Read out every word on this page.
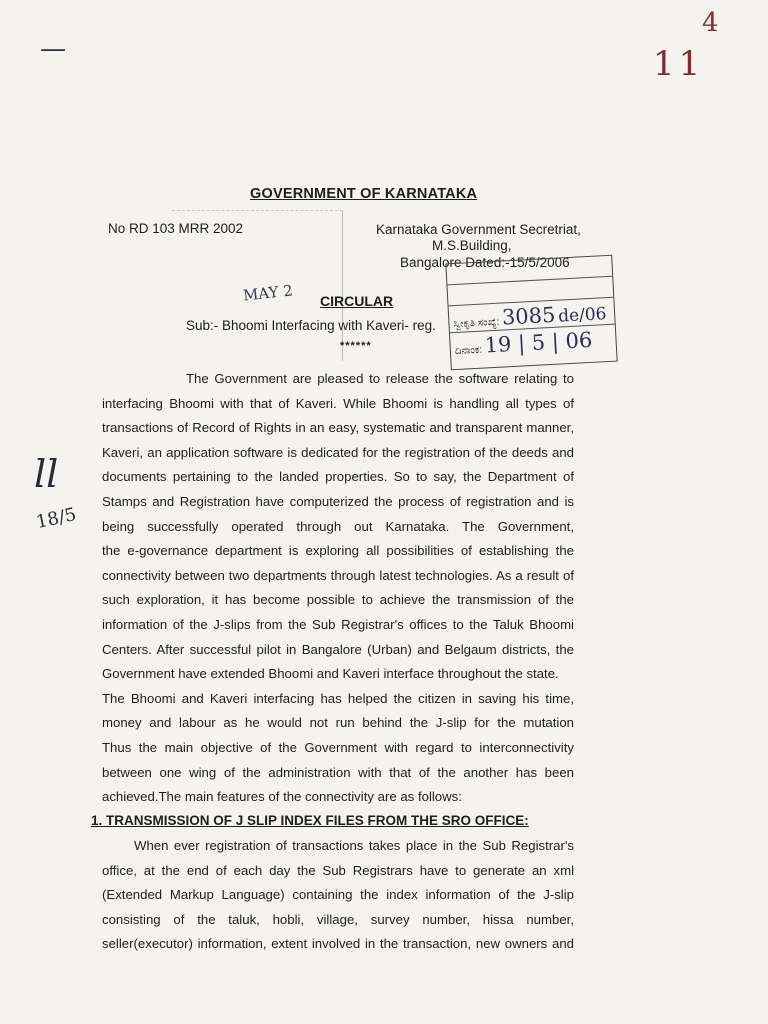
—	11
4
ll
18/5
GOVERNMENT OF KARNATAKA
No RD 103 MRR 2002	Karnataka Government Secretriat,
M.S.Building,
Bangalore Dated:-15/5/2006
MAY 2

ಸ್ವೀಕೃತಿ ಸಂಖ್ಯೆ: 3085 de/06
ದಿನಾಂಕ: 19 | 5 | 06
CIRCULAR
Sub:- Bhoomi Interfacing with Kaveri- reg.
******
The Government are pleased to release the software relating to
interfacing Bhoomi with that of Kaveri. While Bhoomi is handling all types of
transactions of Record of Rights in an easy, systematic and transparent manner,
Kaveri, an application software is dedicated for the registration of the deeds and
documents pertaining to the landed properties. So to say, the Department of
Stamps and Registration have computerized the process of registration and is
being successfully operated through out Karnataka. The Government,
the e-governance department is exploring all possibilities of establishing the
connectivity between two departments through latest technologies. As a result of
such exploration, it has become possible to achieve the transmission of the
information of the J-slips from the Sub Registrar's offices to the Taluk Bhoomi
Centers. After successful pilot in Bangalore (Urban) and Belgaum districts, the
Government have extended Bhoomi and Kaveri interface throughout the state.
The Bhoomi and Kaveri interfacing has helped the citizen in saving his time,
money and labour as he would not run behind the J-slip for the mutation
Thus the main objective of the Government with regard to interconnectivity
between one wing of the administration with that of the another has been
achieved.The main features of the connectivity are as follows:
1. TRANSMISSION OF J SLIP INDEX FILES FROM THE SRO OFFICE:
When ever registration of transactions takes place in the Sub Registrar's
office, at the end of each day the Sub Registrars have to generate an xml
(Extended Markup Language) containing the index information of the J-slip
consisting of the taluk, hobli, village, survey number, hissa number,
seller(executor) information, extent involved in the transaction, new owners and
